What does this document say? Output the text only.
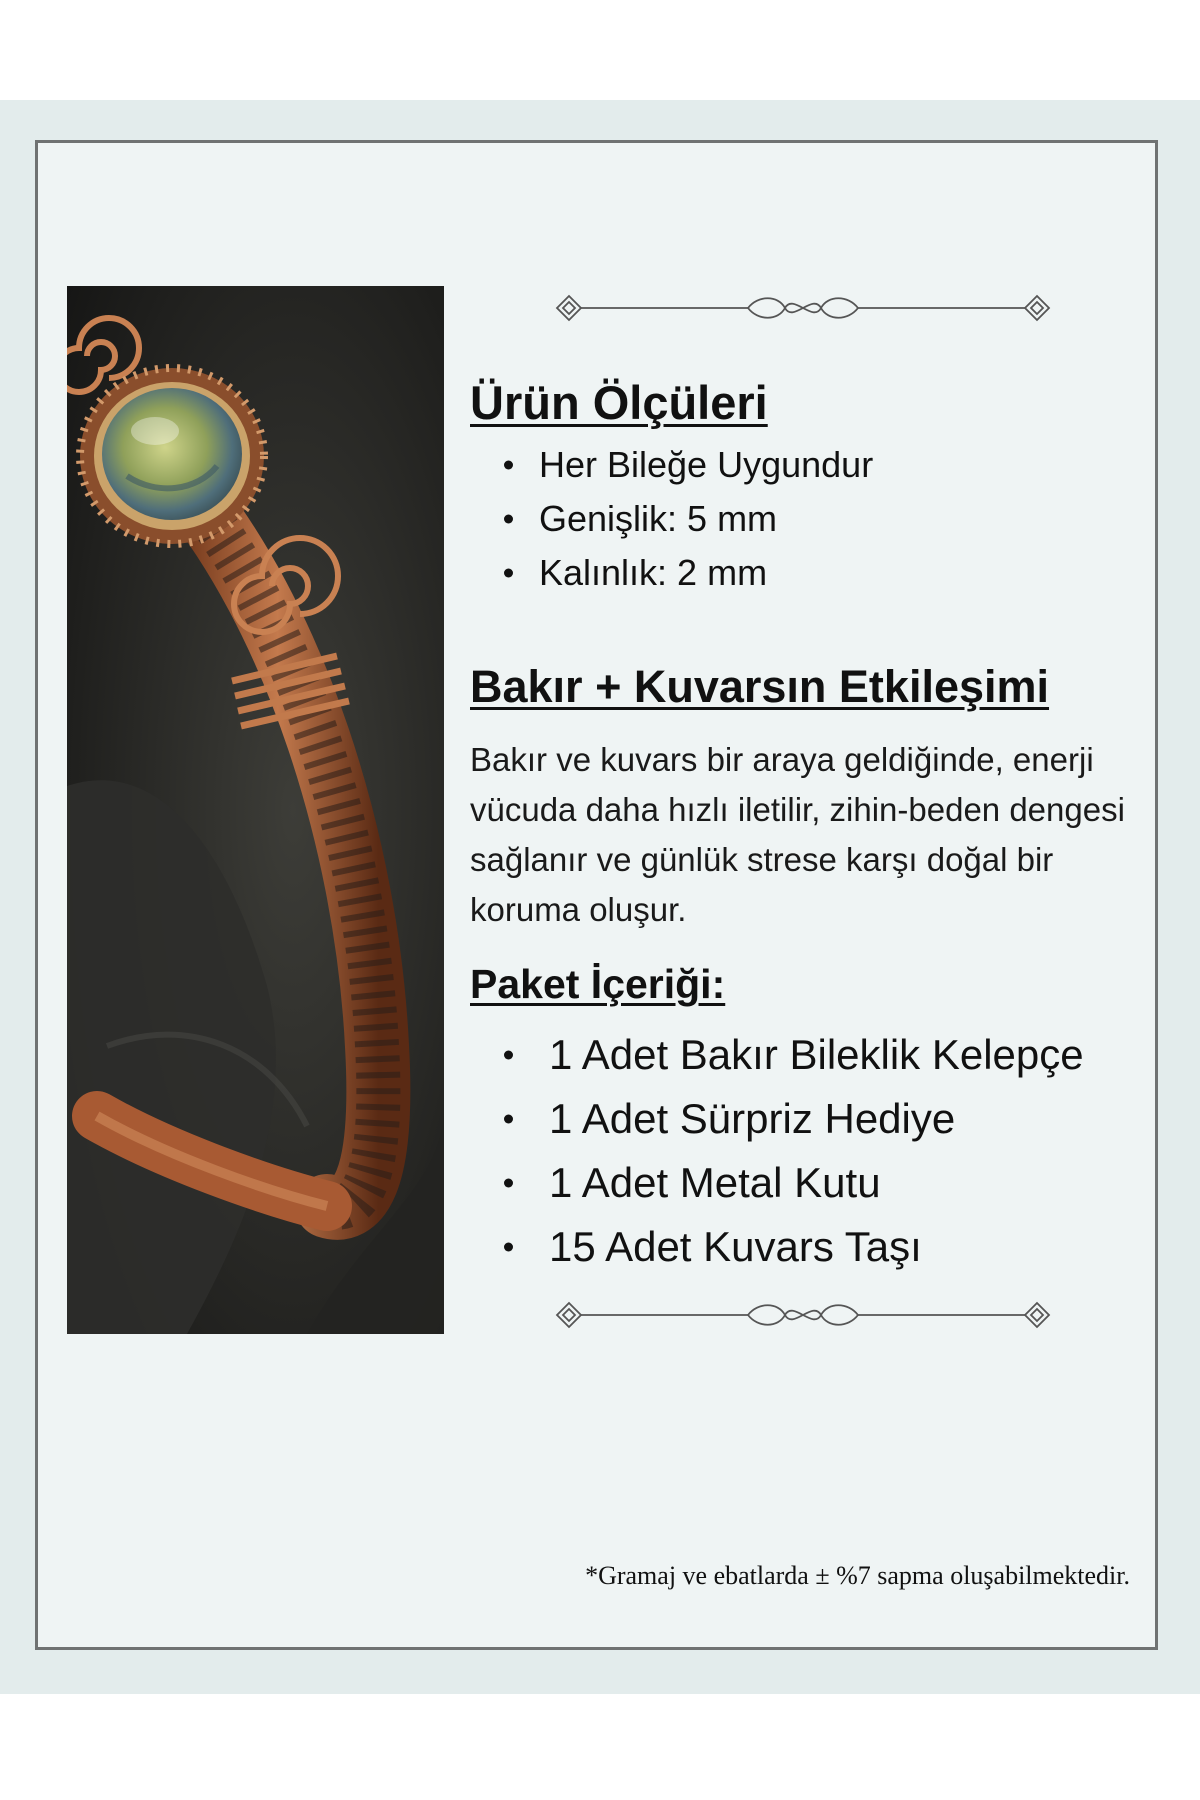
Ürün Ölçüleri
Her Bileğe Uygundur
Genişlik: 5 mm
Kalınlık: 2 mm
Bakır + Kuvarsın Etkileşimi

Bakır ve kuvars bir araya geldiğinde, enerji vücuda daha hızlı iletilir, zihin-beden dengesi sağlanır ve günlük strese karşı doğal bir koruma oluşur.

Paket İçeriği:
1 Adet Bakır Bileklik Kelepçe
1 Adet Sürpriz Hediye
1 Adet Metal Kutu
15 Adet Kuvars Taşı

*Gramaj ve ebatlarda ± %7 sapma oluşabilmektedir.
